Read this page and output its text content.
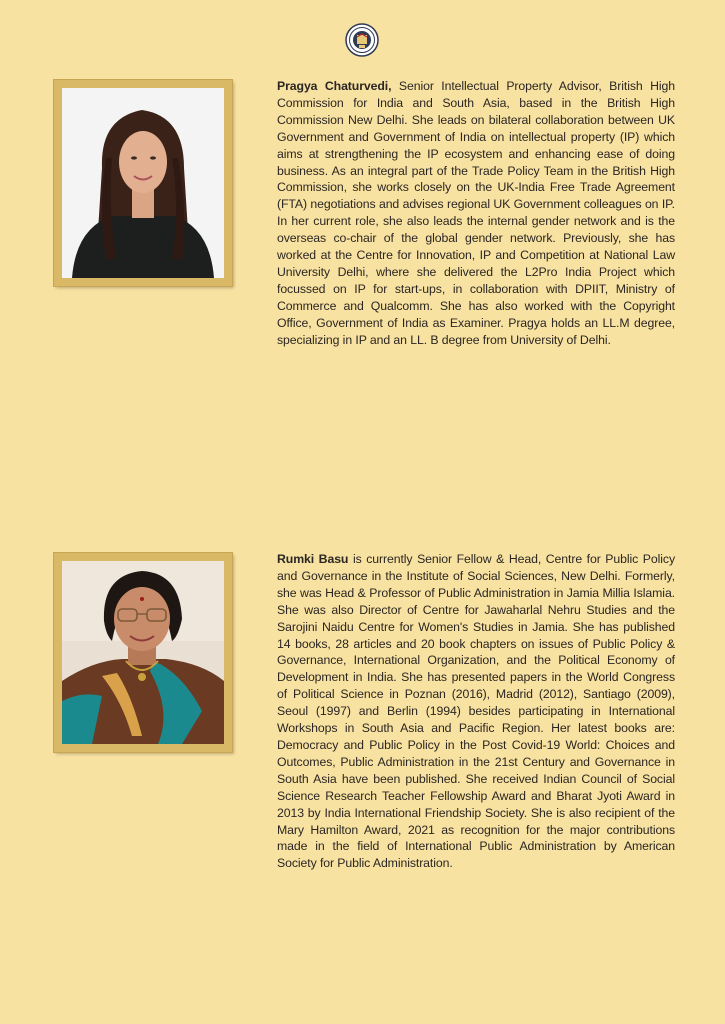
Pragya Chaturvedi, Senior Intellectual Property Advisor, British High Commission for India and South Asia, based in the British High Commission New Delhi. She leads on bilateral collaboration between UK Government and Government of India on intellectual property (IP) which aims at strengthening the IP ecosystem and enhancing ease of doing business. As an integral part of the Trade Policy Team in the British High Commission, she works closely on the UK-India Free Trade Agreement (FTA) negotiations and advises regional UK Government colleagues on IP. In her current role, she also leads the internal gender network and is the overseas co-chair of the global gender network. Previously, she has worked at the Centre for Innovation, IP and Competition at National Law University Delhi, where she delivered the L2Pro India Project which focussed on IP for start-ups, in collaboration with DPIIT, Ministry of Commerce and Qualcomm. She has also worked with the Copyright Office, Government of India as Examiner. Pragya holds an LL.M degree, specializing in IP and an LL. B degree from University of Delhi.
Rumki Basu is currently Senior Fellow & Head, Centre for Public Policy and Governance in the Institute of Social Sciences, New Delhi. Formerly, she was Head & Professor of Public Administration in Jamia Millia Islamia. She was also Director of Centre for Jawaharlal Nehru Studies and the Sarojini Naidu Centre for Women's Studies in Jamia. She has published 14 books, 28 articles and 20 book chapters on issues of Public Policy & Governance, International Organization, and the Political Economy of Development in India. She has presented papers in the World Congress of Political Science in Poznan (2016), Madrid (2012), Santiago (2009), Seoul (1997) and Berlin (1994) besides participating in International Workshops in South Asia and Pacific Region. Her latest books are: Democracy and Public Policy in the Post Covid-19 World: Choices and Outcomes, Public Administration in the 21st Century and Governance in South Asia have been published. She received Indian Council of Social Science Research Teacher Fellowship Award and Bharat Jyoti Award in 2013 by India International Friendship Society. She is also recipient of the Mary Hamilton Award, 2021 as recognition for the major contributions made in the field of International Public Administration by American Society for Public Administration.
